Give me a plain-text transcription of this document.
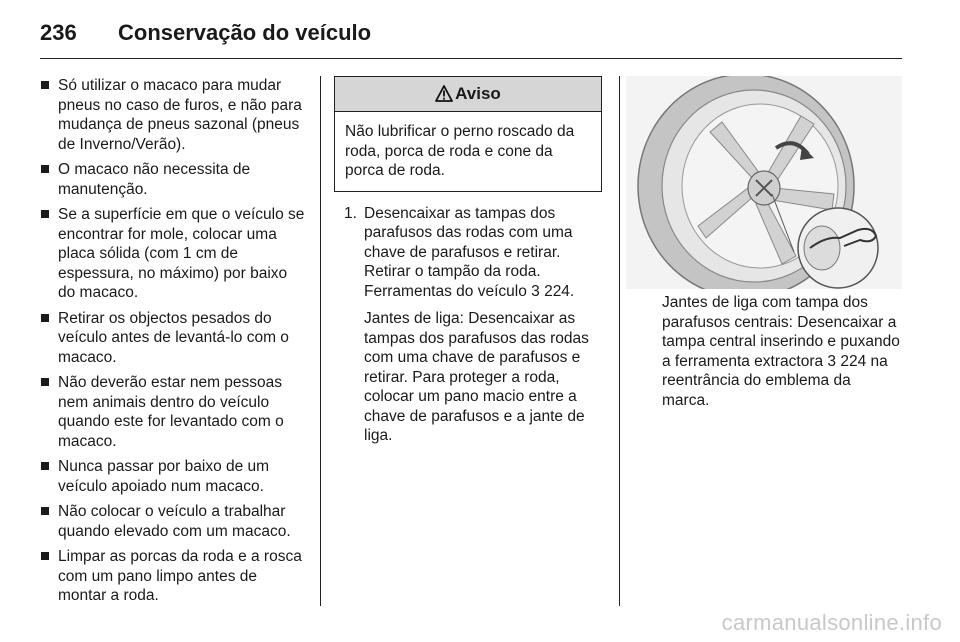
236 Conservação do veículo
Só utilizar o macaco para mudar pneus no caso de furos, e não para mudança de pneus sazonal (pneus de Inverno/Verão).
O macaco não necessita de manutenção.
Se a superfície em que o veículo se encontrar for mole, colocar uma placa sólida (com 1 cm de espessura, no máximo) por baixo do macaco.
Retirar os objectos pesados do veículo antes de levantá-lo com o macaco.
Não deverão estar nem pessoas nem animais dentro do veículo quando este for levantado com o macaco.
Nunca passar por baixo de um veículo apoiado num macaco.
Não colocar o veículo a trabalhar quando elevado com um macaco.
Limpar as porcas da roda e a rosca com um pano limpo antes de montar a roda.
Aviso
Não lubrificar o perno roscado da roda, porca de roda e cone da porca de roda.
1. Desencaixar as tampas dos parafusos das rodas com uma chave de parafusos e retirar. Retirar o tampão da roda. Ferramentas do veículo 3 224.

Jantes de liga: Desencaixar as tampas dos parafusos das rodas com uma chave de parafusos e retirar. Para proteger a roda, colocar um pano macio entre a chave de parafusos e a jante de liga.

Jantes de liga com tampa dos parafusos centrais: Desencaixar a tampa central inserindo e puxando a ferramenta extractora 3 224 na reentrância do emblema da marca.
carmanualsonline.info
